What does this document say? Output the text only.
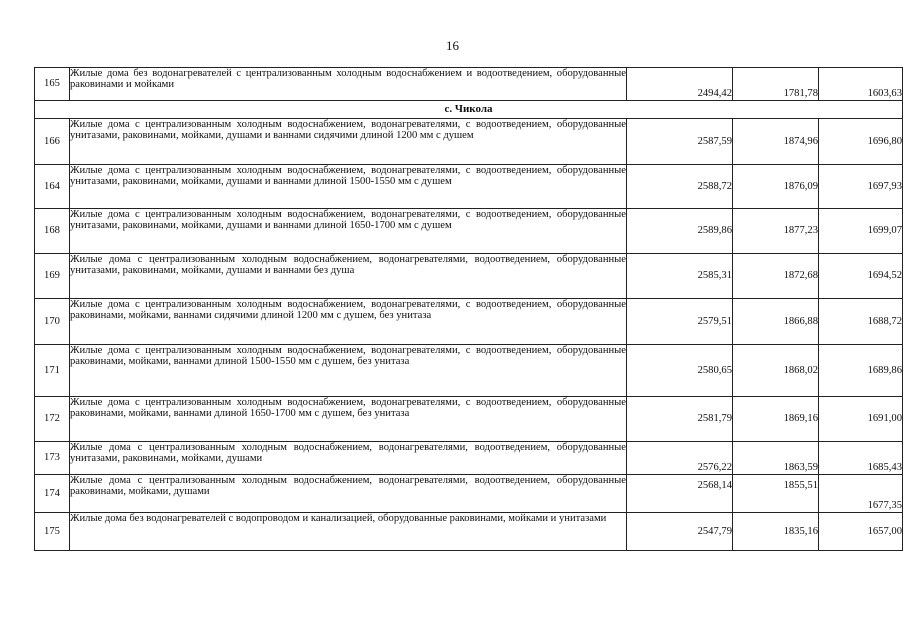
16
165	Жилые дома без водонагревателей с централизованным холодным водоснабжением и водоотведением, оборудованные раковинами и мойками	2494,42	1781,78	1603,63
с. Чикола				
166	Жилые дома с централизованным холодным водоснабжением, водонагревателями, с водоотведением, оборудованные унитазами, раковинами, мойками, душами и ваннами сидячими длиной 1200 мм с душем	2587,59	1874,96	1696,80
164	Жилые дома с централизованным холодным водоснабжением, водонагревателями, с водоотведением, оборудованные унитазами, раковинами, мойками, душами и ваннами длиной 1500-1550 мм с душем	2588,72	1876,09	1697,93
168	Жилые дома с централизованным холодным водоснабжением, водонагревателями, с водоотведением, оборудованные унитазами, раковинами, мойками, душами и ваннами длиной 1650-1700 мм с душем	2589,86	1877,23	1699,07
169	Жилые дома с централизованным холодным водоснабжением, водонагревателями, водоотведением, оборудованные унитазами, раковинами, мойками, душами и ваннами без душа	2585,31	1872,68	1694,52
170	Жилые дома с централизованным холодным водоснабжением, водонагревателями, с водоотведением, оборудованные раковинами, мойками, ваннами сидячими длиной 1200 мм с душем, без унитаза	2579,51	1866,88	1688,72
171	Жилые дома с централизованным холодным водоснабжением, водонагревателями, с водоотведением, оборудованные раковинами, мойками, ваннами длиной 1500-1550 мм с душем, без унитаза	2580,65	1868,02	1689,86
172	Жилые дома с централизованным холодным водоснабжением, водонагревателями, с водоотведением, оборудованные раковинами, мойками, ваннами длиной 1650-1700 мм с душем, без унитаза	2581,79	1869,16	1691,00
173	Жилые дома с централизованным холодным водоснабжением, водонагревателями, водоотведением, оборудованные унитазами, раковинами, мойками, душами	2576,22	1863,59	1685,43
174	Жилые дома с централизованным холодным водоснабжением, водонагревателями, водоотведением, оборудованные раковинами, мойками, душами	2568,14	1855,51	1677,35
175	Жилые дома без водонагревателей с водопроводом и канализацией, оборудованные раковинами, мойками и унитазами	2547,79	1835,16	1657,00
